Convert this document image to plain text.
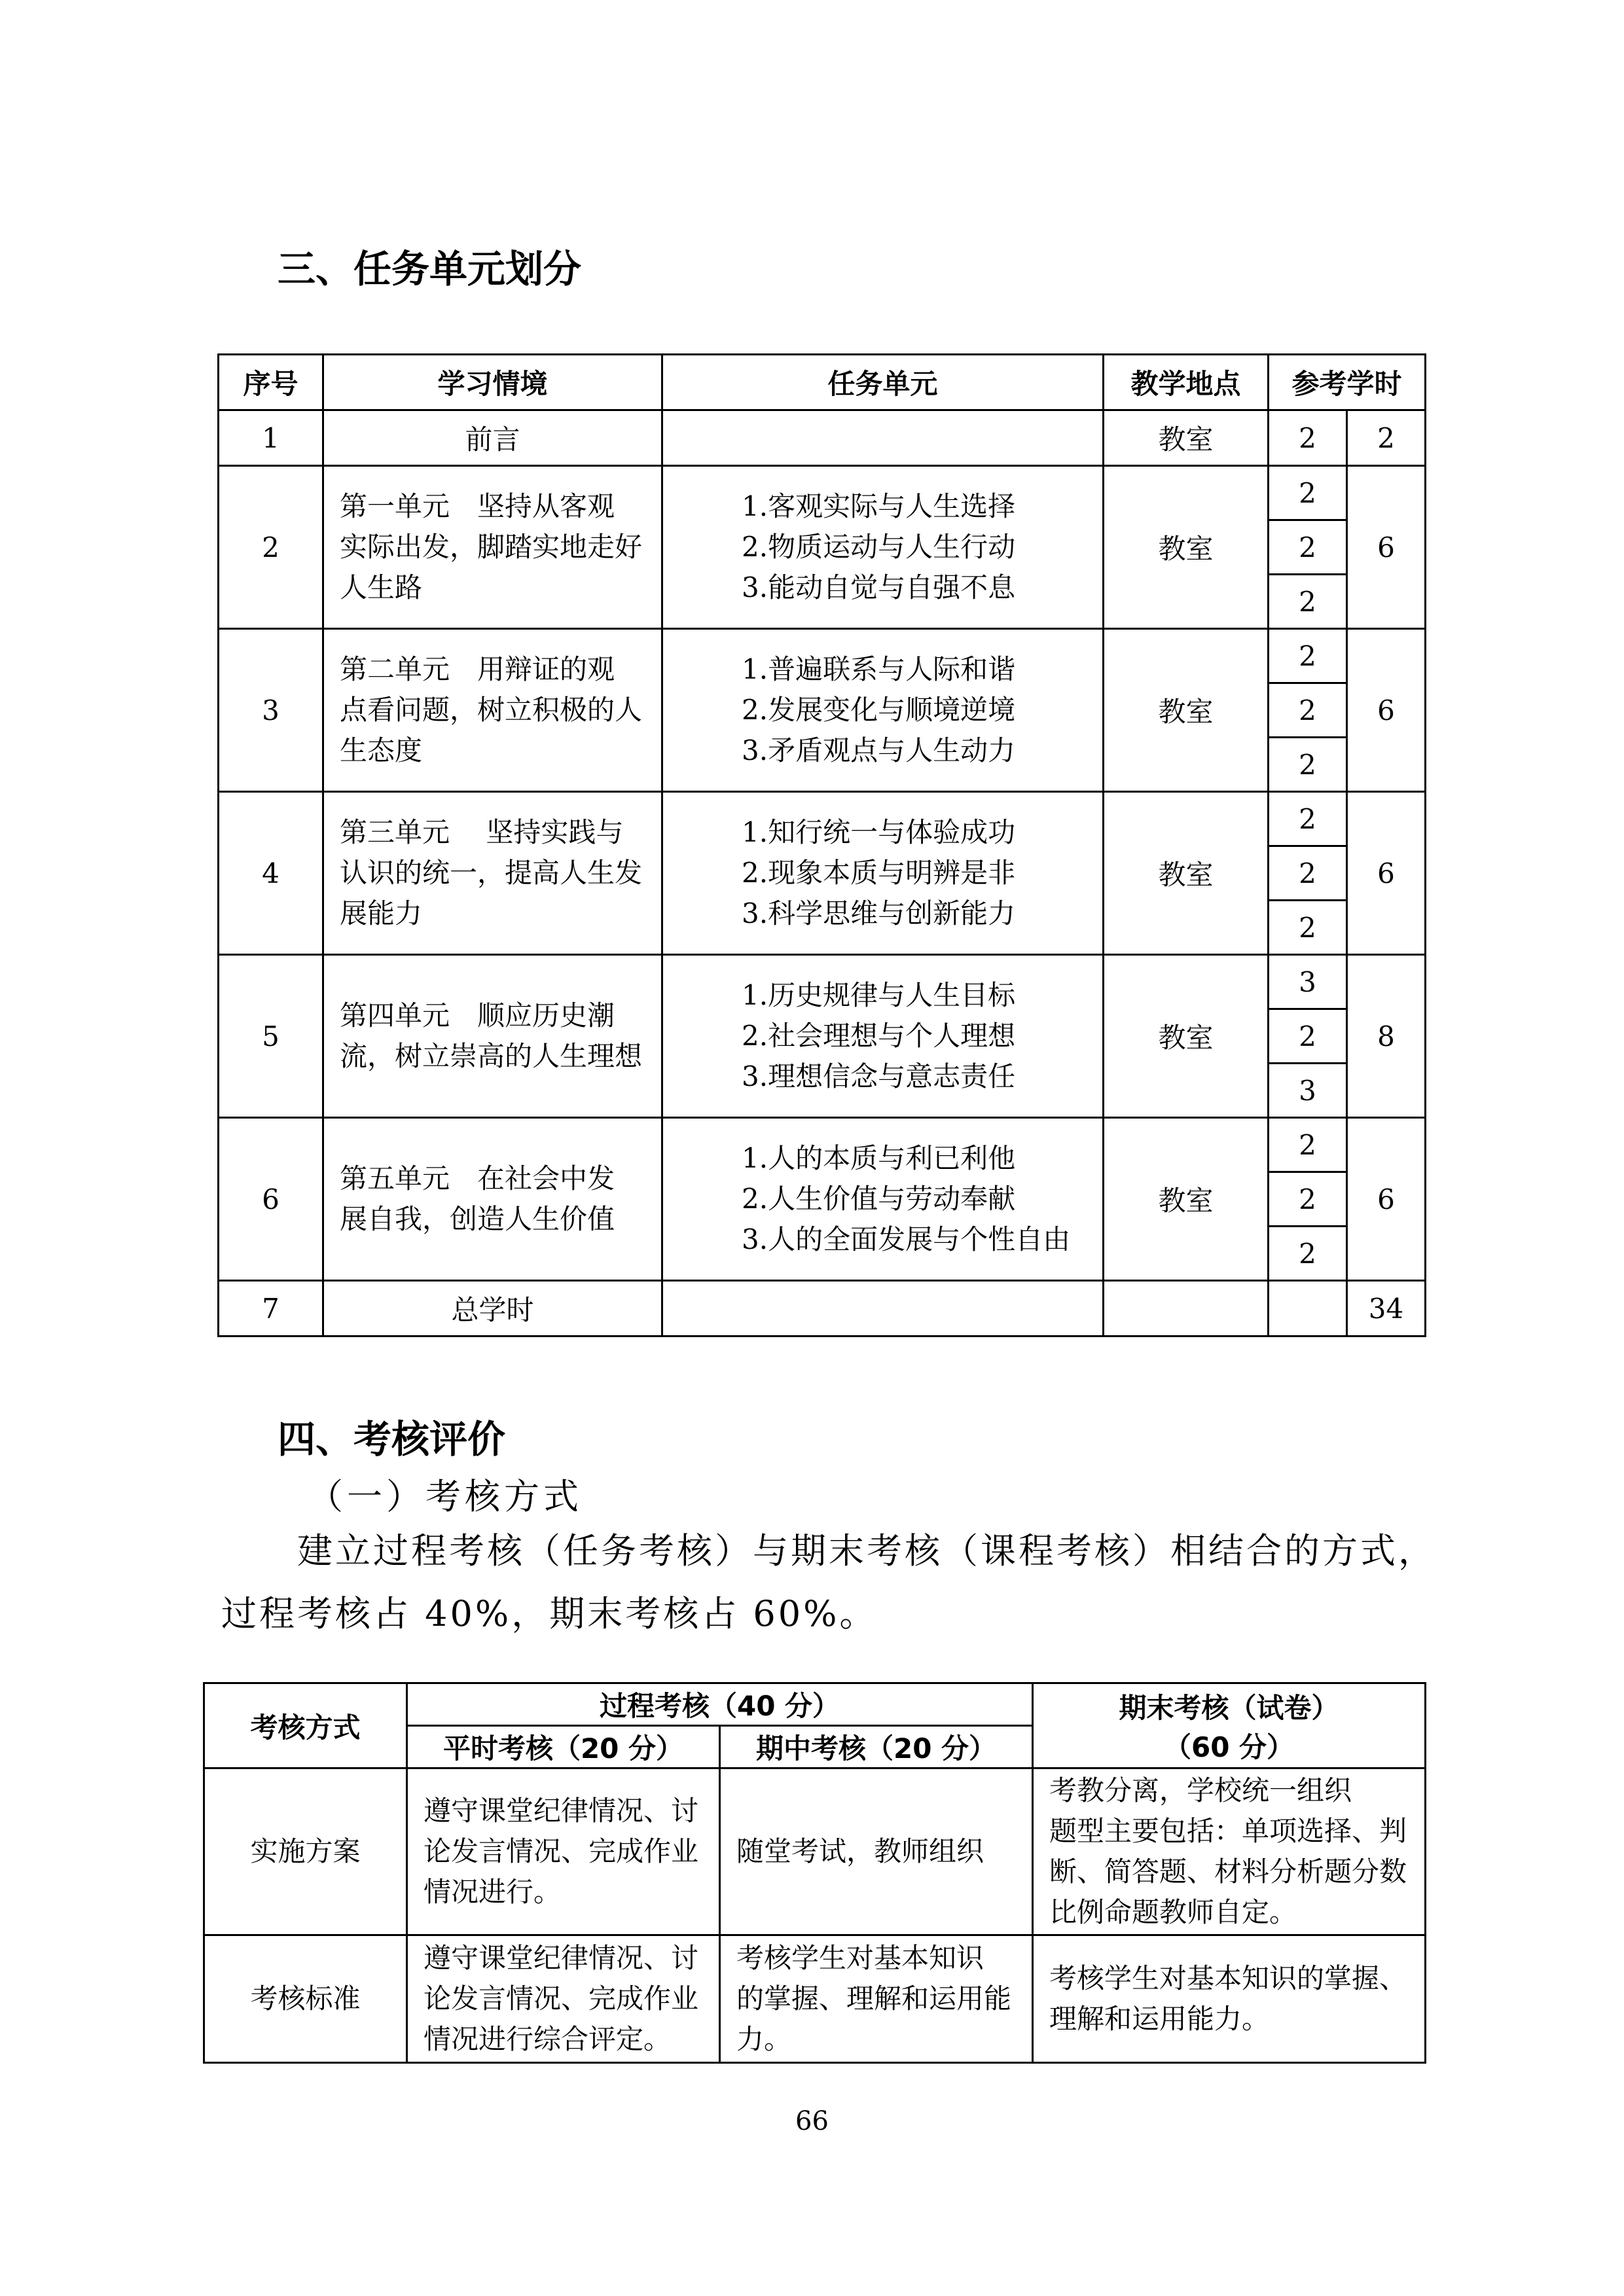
三、任务单元划分
序号	学习情境	任务单元	教学地点	参考学时	
1	前言		教室	2	2
2	第一单元　坚持从客观
实际出发，脚踏实地走好
人生路	1.客观实际与人生选择
2.物质运动与人生行动
3.能动自觉与自强不息	教室	2	6
				2	
				2	
3	第二单元　用辩证的观
点看问题，树立积极的人
生态度	1.普遍联系与人际和谐
2.发展变化与顺境逆境
3.矛盾观点与人生动力	教室	2	6
				2	
				2	
4	第三单元　 坚持实践与
认识的统一，提高人生发
展能力	1.知行统一与体验成功
2.现象本质与明辨是非
3.科学思维与创新能力	教室	2	6
				2	
				2	
5	第四单元　顺应历史潮
流，树立崇高的人生理想	1.历史规律与人生目标
2.社会理想与个人理想
3.理想信念与意志责任	教室	3	8
				2	
				3	
6	第五单元　在社会中发
展自我，创造人生价值	1.人的本质与利已利他
2.人生价值与劳动奉献
3.人的全面发展与个性自由	教室	2	6
				2	
				2	
7	总学时				34
四、考核评价
（一）考核方式

建立过程考核（任务考核）与期末考核（课程考核）相结合的方式，

过程考核占 40%，期末考核占 60%。

考核方式	过程考核（40 分）		期末考核（试卷）
（60 分）

	平时考核（20 分）	期中考核（20 分）	
实施方案	遵守课堂纪律情况、讨
论发言情况、完成作业
情况进行。	随堂考试，教师组织	考教分离，学校统一组织
题型主要包括：单项选择、判
断、简答题、材料分析题分数
比例命题教师自定。

考核标准	遵守课堂纪律情况、讨
论发言情况、完成作业
情况进行综合评定。	考核学生对基本知识
的掌握、理解和运用能
力。	考核学生对基本知识的掌握、
理解和运用能力。
66
